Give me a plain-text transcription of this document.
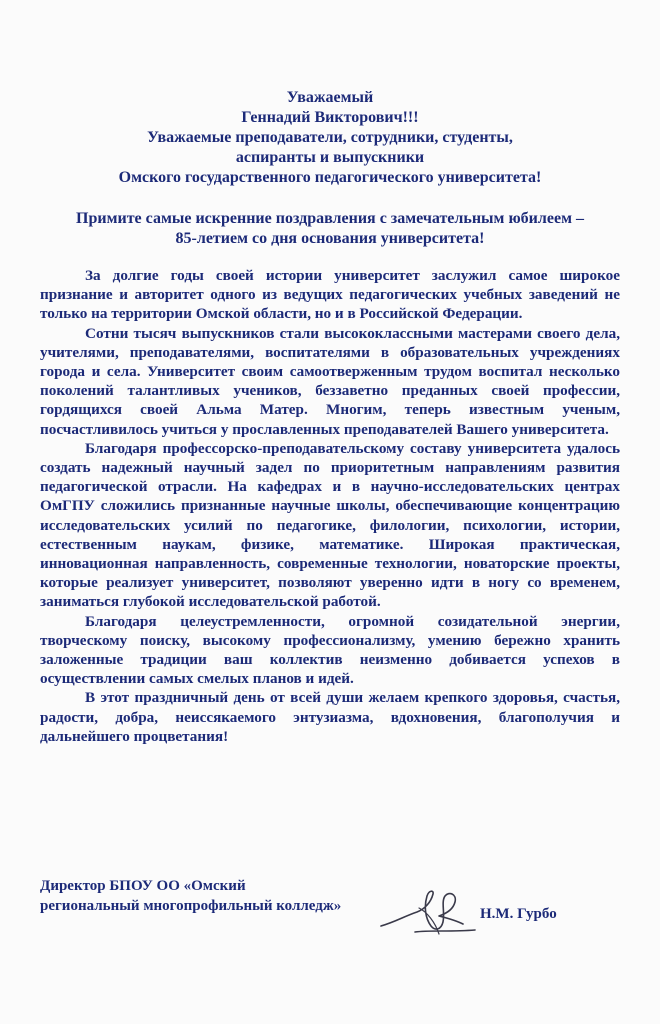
Уважаемый
Геннадий Викторович!!!
Уважаемые преподаватели, сотрудники, студенты,
аспиранты и выпускники
Омского государственного педагогического университета!
Примите самые искренние поздравления с замечательным юбилеем –
85-летием со дня основания университета!

За долгие годы своей истории университет заслужил самое широкое признание и авторитет одного из ведущих педагогических учебных заведений не только на территории Омской области, но и в Российской Федерации.

Сотни тысяч выпускников стали высококлассными мастерами своего дела, учителями, преподавателями, воспитателями в образовательных учреждениях города и села. Университет своим самоотверженным трудом воспитал несколько поколений талантливых учеников, беззаветно преданных своей профессии, гордящихся своей Альма Матер. Многим, теперь известным ученым, посчастливилось учиться у прославленных преподавателей Вашего университета.

Благодаря профессорско-преподавательскому составу университета удалось создать надежный научный задел по приоритетным направлениям развития педагогической отрасли. На кафедрах и в научно-исследовательских центрах ОмГПУ сложились признанные научные школы, обеспечивающие концентрацию исследовательских усилий по педагогике, филологии, психологии, истории, естественным наукам, физике, математике. Широкая практическая, инновационная направленность, современные технологии, новаторские проекты, которые реализует университет, позволяют уверенно идти в ногу со временем, заниматься глубокой исследовательской работой.

Благодаря целеустремленности, огромной созидательной энергии, творческому поиску, высокому профессионализму, умению бережно хранить заложенные традиции ваш коллектив неизменно добивается успехов в осуществлении самых смелых планов и идей.

В этот праздничный день от всей души желаем крепкого здоровья, счастья, радости, добра, неиссякаемого энтузиазма, вдохновения, благополучия и дальнейшего процветания!

Директор БПОУ ОО «Омский
региональный многопрофильный колледж»	Н.М. Гурбо
